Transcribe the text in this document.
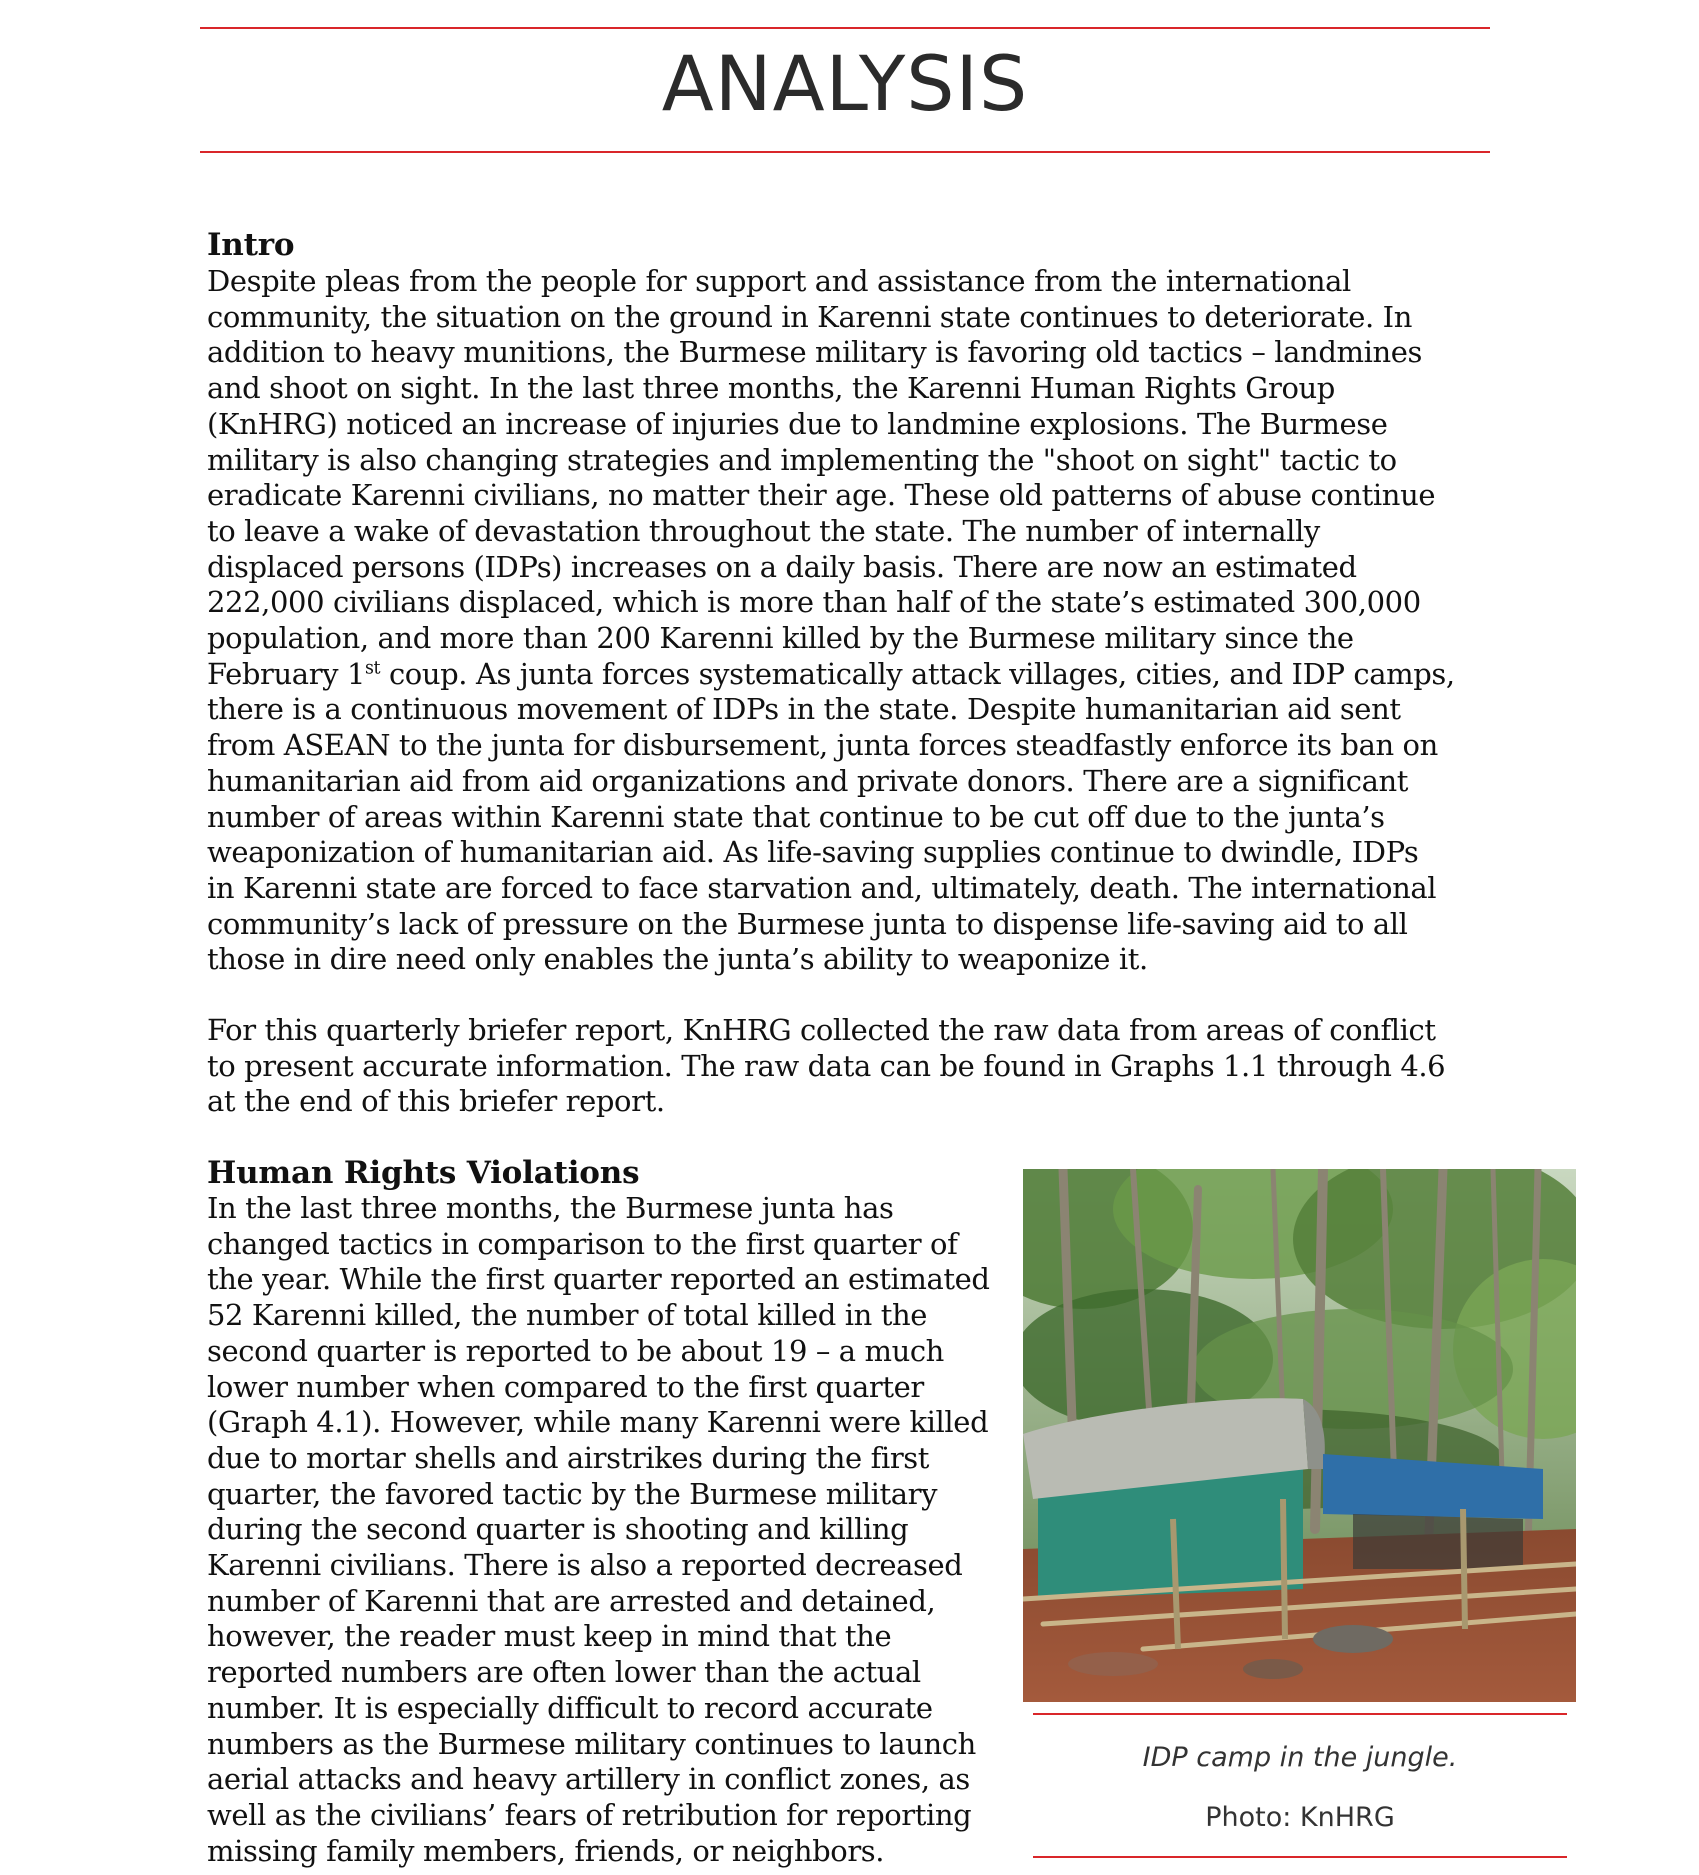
ANALYSIS
Intro
Despite pleas from the people for support and assistance from the international
community, the situation on the ground in Karenni state continues to deteriorate. In
addition to heavy munitions, the Burmese military is favoring old tactics – landmines
and shoot on sight. In the last three months, the Karenni Human Rights Group
(KnHRG) noticed an increase of injuries due to landmine explosions. The Burmese
military is also changing strategies and implementing the "shoot on sight" tactic to
eradicate Karenni civilians, no matter their age. These old patterns of abuse continue
to leave a wake of devastation throughout the state. The number of internally
displaced persons (IDPs) increases on a daily basis. There are now an estimated
222,000 civilians displaced, which is more than half of the state’s estimated 300,000
population, and more than 200 Karenni killed by the Burmese military since the
February 1st coup. As junta forces systematically attack villages, cities, and IDP camps,
there is a continuous movement of IDPs in the state. Despite humanitarian aid sent
from ASEAN to the junta for disbursement, junta forces steadfastly enforce its ban on
humanitarian aid from aid organizations and private donors. There are a significant
number of areas within Karenni state that continue to be cut off due to the junta’s
weaponization of humanitarian aid. As life-saving supplies continue to dwindle, IDPs
in Karenni state are forced to face starvation and, ultimately, death. The international
community’s lack of pressure on the Burmese junta to dispense life-saving aid to all
those in dire need only enables the junta’s ability to weaponize it.
For this quarterly briefer report, KnHRG collected the raw data from areas of conflict
to present accurate information. The raw data can be found in Graphs 1.1 through 4.6
at the end of this briefer report.
Human Rights Violations
In the last three months, the Burmese junta has
changed tactics in comparison to the first quarter of
the year. While the first quarter reported an estimated
52 Karenni killed, the number of total killed in the
second quarter is reported to be about 19 – a much
lower number when compared to the first quarter
(Graph 4.1). However, while many Karenni were killed
due to mortar shells and airstrikes during the first
quarter, the favored tactic by the Burmese military
during the second quarter is shooting and killing
Karenni civilians. There is also a reported decreased
number of Karenni that are arrested and detained,
however, the reader must keep in mind that the
reported numbers are often lower than the actual
number. It is especially difficult to record accurate
numbers as the Burmese military continues to launch
aerial attacks and heavy artillery in conflict zones, as
well as the civilians’ fears of retribution for reporting
missing family members, friends, or neighbors.
IDP camp in the jungle.
Photo: KnHRG
